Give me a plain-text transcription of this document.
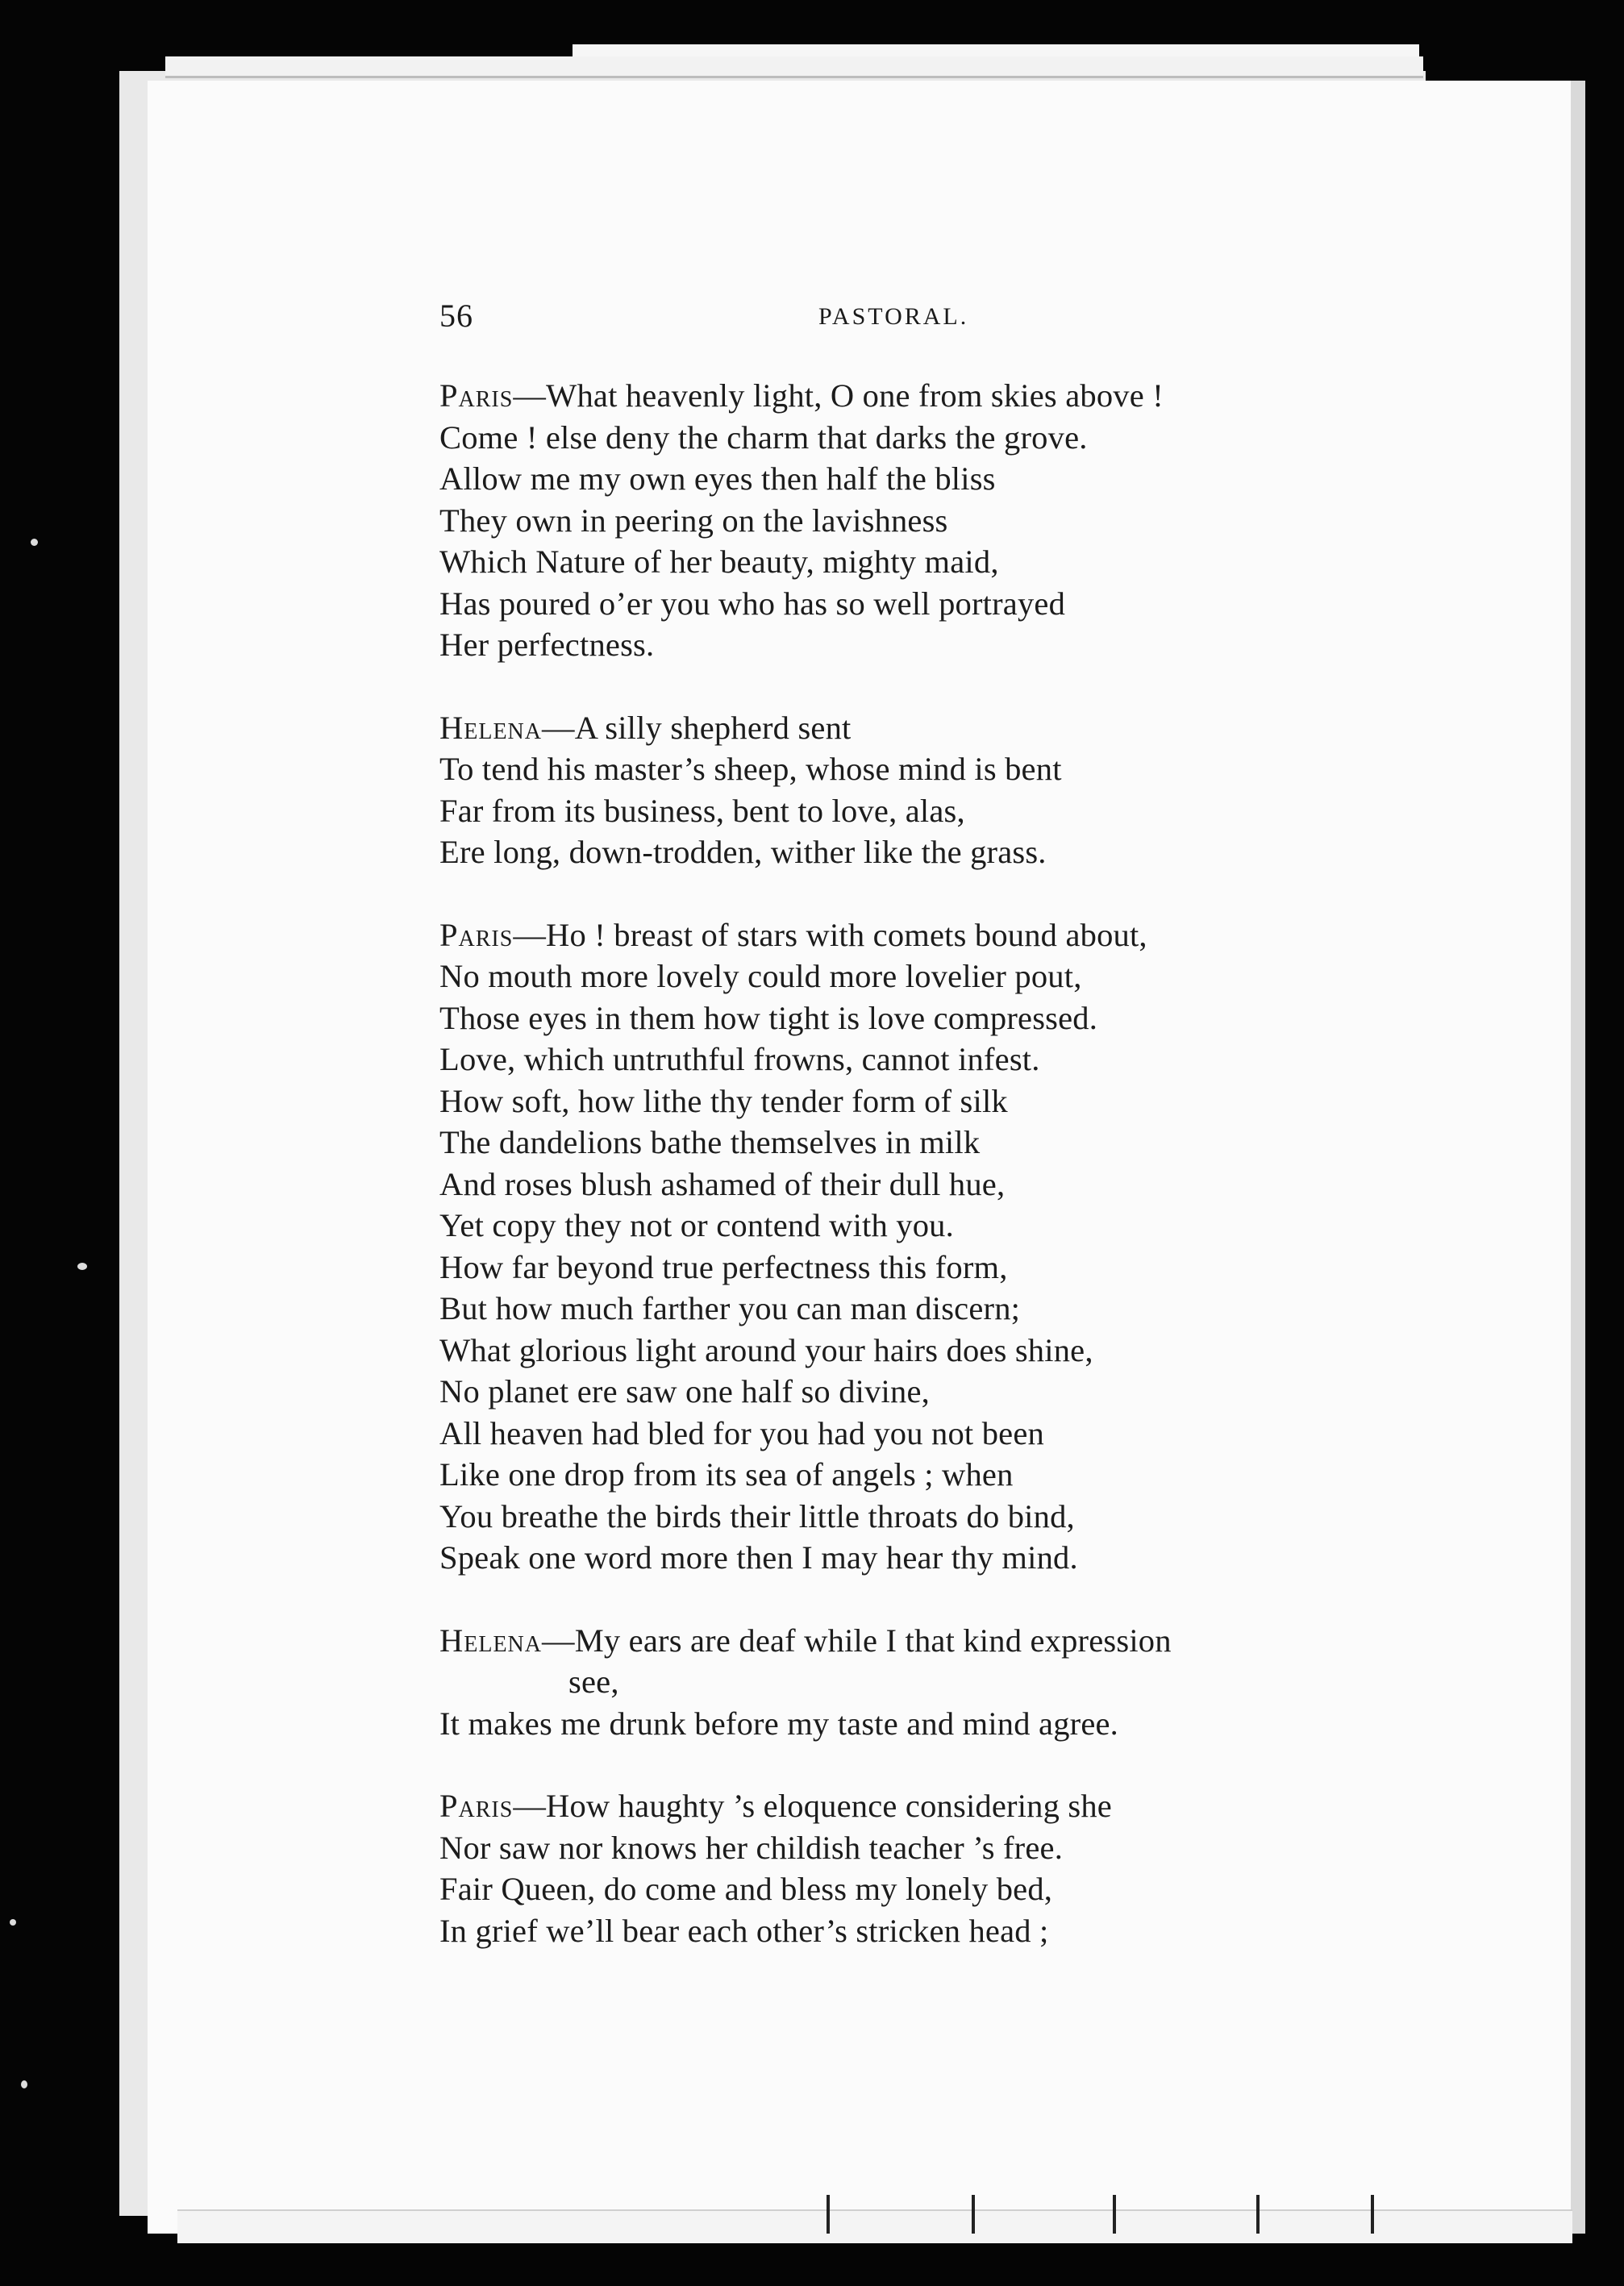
56	PASTORAL.
Paris—What heavenly light, O one from skies above !
Come ! else deny the charm that darks the grove.
Allow me my own eyes then half the bliss
They own in peering on the lavishness
Which Nature of her beauty, mighty maid,
Has poured o’er you who has so well portrayed
Her perfectness.
Helena—A silly shepherd sent
To tend his master’s sheep, whose mind is bent
Far from its business, bent to love, alas,
Ere long, down-trodden, wither like the grass.
Paris—Ho ! breast of stars with comets bound about,
No mouth more lovely could more lovelier pout,
Those eyes in them how tight is love compressed.
Love, which untruthful frowns, cannot infest.
How soft, how lithe thy tender form of silk
The dandelions bathe themselves in milk
And roses blush ashamed of their dull hue,
Yet copy they not or contend with you.
How far beyond true perfectness this form,
But how much farther you can man discern;
What glorious light around your hairs does shine,
No planet ere saw one half so divine,
All heaven had bled for you had you not been
Like one drop from its sea of angels ; when
You breathe the birds their little throats do bind,
Speak one word more then I may hear thy mind.
Helena—My ears are deaf while I that kind expression
see,
It makes me drunk before my taste and mind agree.
Paris—How haughty ’s eloquence considering she
Nor saw nor knows her childish teacher ’s free.
Fair Queen, do come and bless my lonely bed,
In grief we’ll bear each other’s stricken head ;
